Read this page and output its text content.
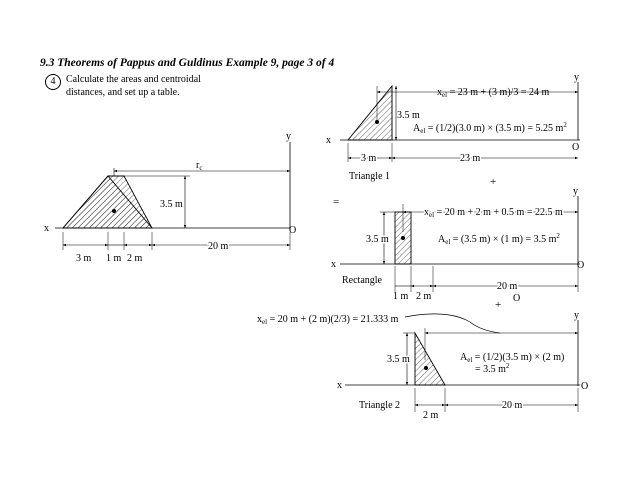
9.3 Theorems of Pappus and Guldinus Example 9, page 3 of 4
4	Calculate the areas and centroidal
distances, and set up a table.
x
y
O
$r_c$
3.5 m
20 m
3 m 1 m 2 m
=
+
+
x
y
O
$x_{el} = 23$ m + (3 m)/3 = 24 m
3.5 m
$A_{el} = (1/2)(3.0$ m) × (3.5 m) = 5.25 $m^2$
3 m	23 m
Triangle 1
x
y
O
$x_{el} = 20$ m + 2 m + 0.5 m = 22.5 m
3.5 m	$A_{el} = (3.5$ m) × (1 m) = 3.5 $m^2$
20 m
Rectangle
1 m 2 m	O
$x_{el} = 20$ m + (2 m)(2/3) = 21.333 m	y
x	O
3.5 m	$A_{el} = (1/2)(3.5$ m) × (2 m)
= 3.5 $m^2$
20 m
Triangle 2
2 m
